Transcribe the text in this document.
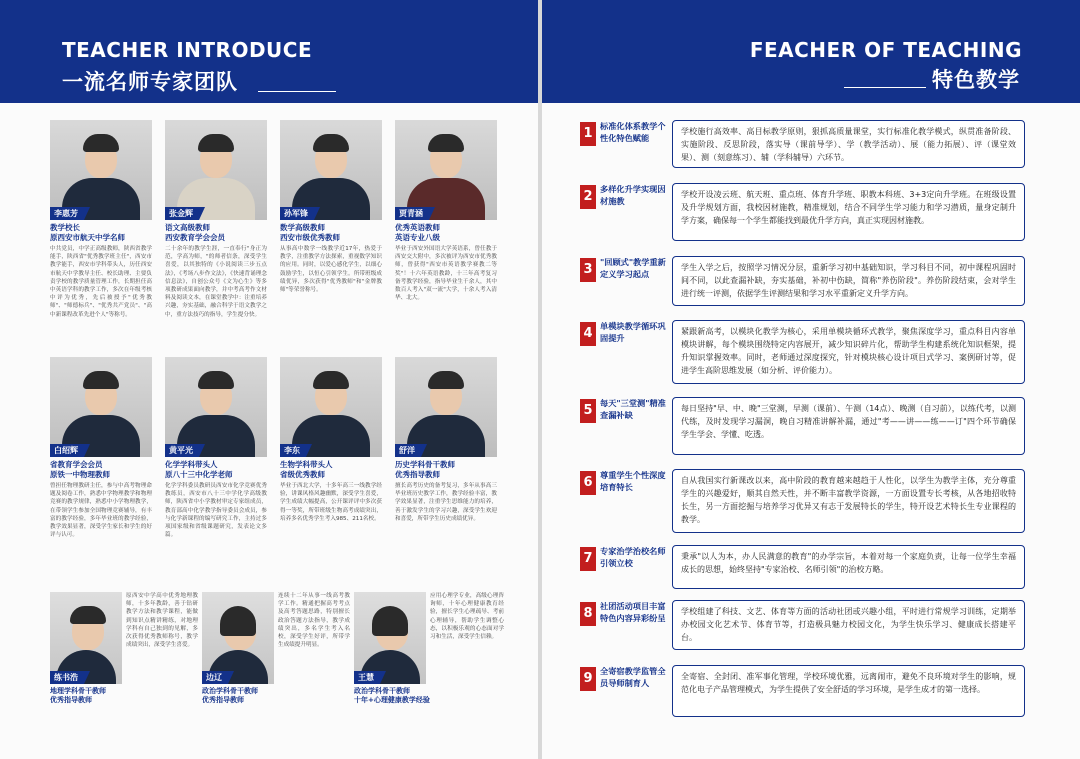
TEACHER INTRODUCE
一流名师专家团队
李惠芳
教学校长
原西安市航天中学名师
中共党员，中学正高级教师，陕西省教学能手，陕西省"优秀教学班主任"，西安市教学能手，西安市学科带头人，历任西安市航天中学教导主任、校长助理、主要负责学校的教学质量管理工作，长期担任高中英语学科的教学工作，多次在年级考核中评为优秀，先后被授予"优秀教师"、"师德标兵"、"优秀共产党员"、"高中新课程改革先进个人"等称号。
张金辉
语文高级教师
西安教育学会会员
二十余年的教学生涯，一直奉行"身正为范，学高为师，"的师者信条，深受学生喜爱，以其独特的《小说阅读三步五点法》，《考场八步作文法》，《快速背诵理念信息法》，自创公众号《文为心生》等多项教研成果面向教学，并中考高考作文材料及阅读文本，在课堂教学中：注重培养兴趣，夯实基础，融合科学于语文教学之中，重方法技巧的指导，学生提分快。
孙军锋
数学高级教师
西安市级优秀教师
从事高中数学一线教学近17年，热爱于教学，注重教学方法探索，重视数学知识的应用。同时，以爱心感化学生，以细心鼓励学生，以恒心引领学生。所带班级成绩优异，多次获得"优秀教师"和"金牌教师"等荣誉称号。
贾青涵
优秀英语教师
英语专业八级
毕业于西安外国语大学英语系，曾任教于西安交大附中，多次被评为西安市优秀教师，曾获得"西安市英语教学赛教二等奖"！十六年英语教龄，十三年高考复习备考教学经验，指导毕业生千余人，其中数百人考入"双一流"大学，十余人考入清华、北大。
白绍辉
省教育学会会员
原铁一中物理教师
曾担任物理教研主任，参与中高考物理命题及阅卷工作，熟悉中学物理教学和物理竞赛的教学规律，熟悉中小学物理教学，在带领学生参加全国物理竞赛辅导，有丰富的教学经验，多年毕业班的教学经验，教学效果显著，深受学生家长和学生的好评与认可。
黄平光
化学学科带头人
原八十三中化学老师
化学学科委员教研员西安市化学竞赛优秀教练员，西安市八十三中学化学高级教师，陕西省中小学教材审定专家组成员，教育部高中化学教学指导委员会成员，参与化学新课程的编写研究工作，主持过多项国家级和省级课题研究，发表论文多篇。
李东
生物学科带头人
省级优秀教师
毕业于西北大学，十多年高三一线教学经验，讲课风格风趣幽默，深受学生喜爱，学生成绩大幅提高，公开课评评中多次获得一等奖，所带班级生物高考成绩突出，培养多名优秀学生考入985、211名校。
舒洋
历史学科骨干教师
优秀指导教师
擅长高考历史的备考复习，多年从事高三毕业班历史教学工作，教学经验丰富，教学效果显著，注重学生思维能力的培养，善于激发学生的学习兴趣，深受学生欢迎和喜爱，所带学生历史成绩优异。
练书浩
原西安中学高中优秀地理教师，十多年教龄，善于钻研教学方法和教学课程，能做到知识点精讲精练，对地理学科有自己独到的见解，多次获得优秀教师称号，教学成绩突出，深受学生喜爱。
地理学科骨干教师
优秀指导教师
边辽
连续十二年从事一线高考教学工作。精通把握高考考点及高考答题思路，特别擅长政治答题方法指导，教学成绩突出，多名学生考入名校，深受学生好评，所带学生成绩提升明显。
政治学科骨干教师
优秀指导教师
王慧
应用心理学专业，高级心理咨询师，十年心理健康教育经验，擅长学生心理疏导、考前心理辅导，帮助学生调整心态，以积极乐观的心态面对学习和生活，深受学生信赖。
政治学科骨干教师
十年+心理健康教学经验
FEACHER OF TEACHING
特色教学
1 标准化体系教学个性化特色赋能
学校施行高效率、高目标教学原则，狠抓高质量课堂，实行标准化教学模式，纵贯准备阶段、实施阶段、反思阶段，落实导（课前导学）、学（教学活动）、展（能力拓展）、评（课堂效果）、测（刻意练习）、辅（学科辅导）六环节。
2 多样化升学实现因材施教
学校开设凌云班、航天班、重点班、体育升学班、职教本科班、3+3定向升学班。在班级设置及升学规划方面，我校因材施教，精准规划，结合不同学生学习能力和学习潜质，量身定制升学方案，确保每一个学生都能找到最优升学方向，真正实现因材施教。
3 "回顾式"教学重新定义学习起点
学生入学之后，按照学习情况分层，重新学习初中基础知识，学习科目不同，初中课程巩固时间不同，以此查漏补缺，夯实基础，补初中伤缺，简称"养伤阶段"。养伤阶段结束，会对学生进行统一评测，依据学生评测结果和学习水平重新定义升学方向。
4 单模块教学循环巩固提升
紧跟新高考，以模块化教学为核心，采用单模块循环式教学，聚焦深度学习，重点科目内容单模块讲解，每个模块围绕特定内容展开，减少知识碎片化，帮助学生构建系统化知识框架，提升知识掌握效率。同时，老师通过深度探究，针对模块核心设计项目式学习、案例研讨等，促进学生高阶思维发展（如分析、评价能力）。
5 每天"三堂测"精准查漏补缺
每日坚持"早、中、晚"三堂测，早测（课前）、午测（14点）、晚测（自习前），以练代考，以测代练，及时发现学习漏洞，晚自习精准讲解补漏，通过"考——讲——练——订"四个环节确保学生学会、学懂、吃透。
6 尊重学生个性深度培育特长
自从我国实行新课改以来，高中阶段的教育越来越趋于人性化，以学生为教学主体，充分尊重学生的兴趣爱好，顺其自然天性，并不断丰富教学资源，一方面设置专长考核，从各地招收特长生，另一方面挖掘与培养学习优异又有志于发展特长的学生，特开设艺术特长生专业课程的教学。
7 专家治学治校名师引领立校
秉承"以人为本，办人民满意的教育"的办学宗旨，本着对每一个家庭负责，让每一位学生幸福成长的思想，始终坚持"专家治校、名师引领"的治校方略。
8 社团活动项目丰富特色内容异彩纷呈
学校组建了科技、文艺、体育等方面的活动社团或兴趣小组，平时进行常规学习训练，定期举办校园文化艺术节、体育节等，打造极具魅力校园文化，为学生快乐学习、健康成长搭建平台。
9 全寄宿教学监管全员导师制育人
全寄宿、全封闭、准军事化管理，学校环境优雅，远离闹市，避免不良环境对学生的影响，规范化电子产品管理模式，为学生提供了安全舒适的学习环境，是学生成才的第一选择。
